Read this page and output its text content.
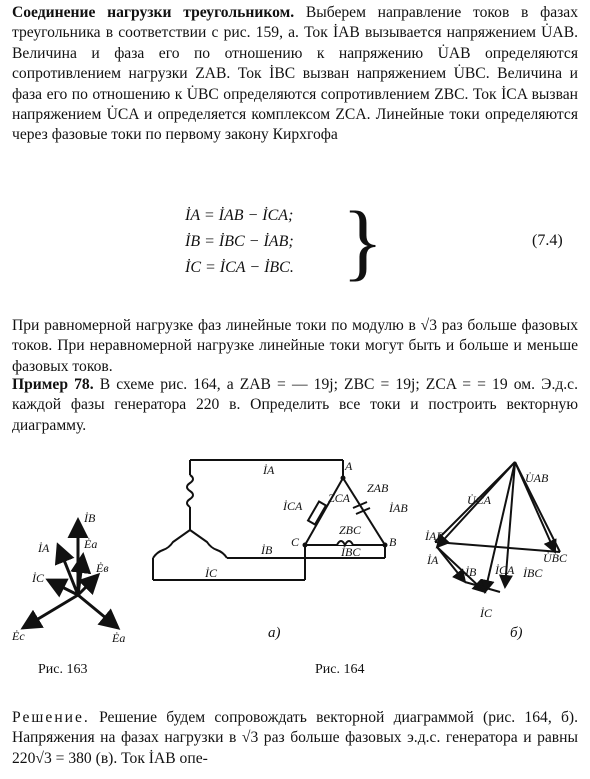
Соединение нагрузки треугольником. Выберем направление токов в фазах треугольника в соответствии с рис. 159, а. Ток İAB вызывается напряжением U̇AB. Величина и фаза его по отношению к напряжению U̇AB определяются сопротивлением нагрузки ZAB. Ток İBC вызван напряжением U̇BC. Величина и фаза его по отношению к U̇BC определяются сопротивлением ZBC. Ток İCA вызван напряжением U̇CA и определяется комплексом ZCA. Линейные токи определяются через фазовые токи по первому закону Кирхгофа
İA = İAB − İCA;
İB = İBC − İAB;
İC = İCA − İBC. }	(7.4)
При равномерной нагрузке фаз линейные токи по модулю в √3 раз больше фазовых токов. При неравномерной нагрузке линейные токи могут быть и больше и меньше фазовых токов.
Пример 78. В схеме рис. 164, а ZAB = — 19j; ZBC = 19j; ZCA = = 19 ом. Э.д.с. каждой фазы генератора 220 в. Определить все токи и построить векторную диаграмму.
İB
İA	Ėa
Ėв
İC
Ėc	Ėа
Рис. 163
İA	A
ZCA
ZAB
İCA	İAB
C
ZBC
B
İBC
İB
İC
а)
Рис. 164
U̇AB
U̇CA
İAB
İB İCA İBC
U̇BC
İA
İC
б)
Решение. Решение будем сопровождать векторной диаграммой (рис. 164, б). Напряжения на фазах нагрузки в √3 раз больше фазовых э.д.с. генератора и равны 220√3 = 380 (в). Ток İAB опе-
